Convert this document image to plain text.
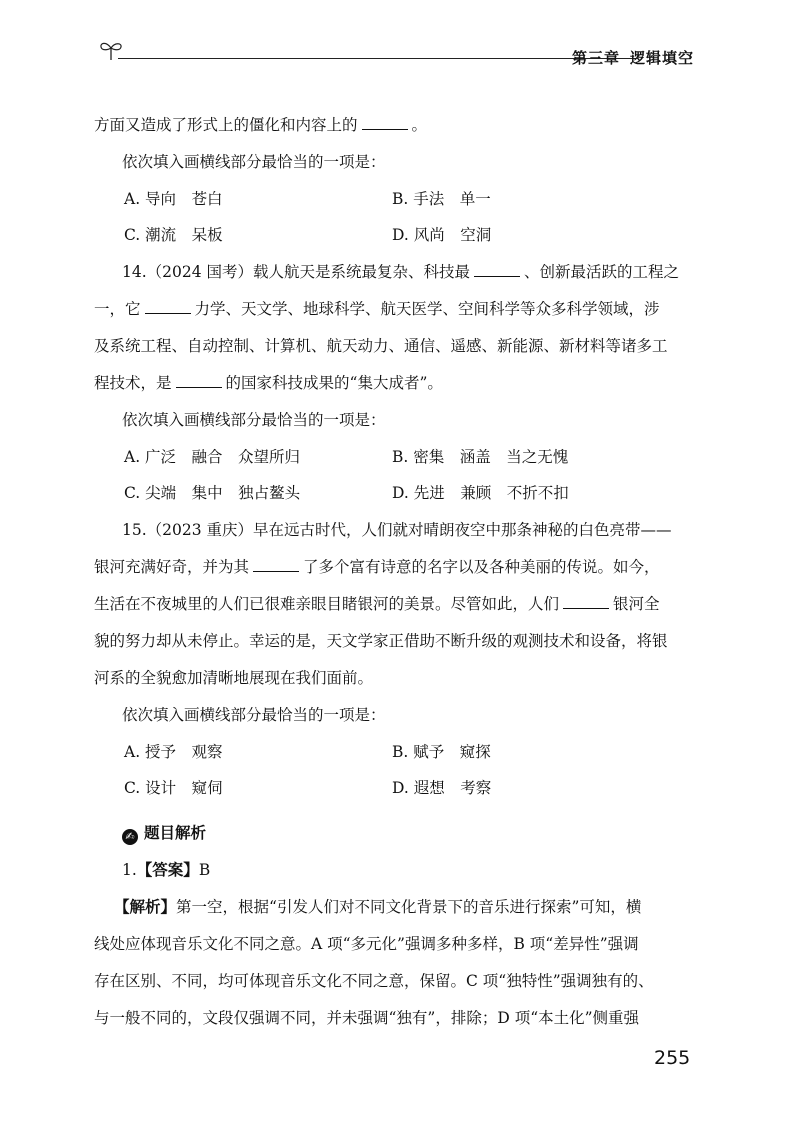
第三章 逻辑填空
方面又造成了形式上的僵化和内容上的	。
依次填入画横线部分最恰当的一项是：
A. 导向　苍白	B. 手法　单一
C. 潮流　呆板	D. 风尚　空洞
14.（2024 国考）载人航天是系统最复杂、科技最	、创新最活跃的工程之
一，它	力学、天文学、地球科学、航天医学、空间科学等众多科学领域，涉
及系统工程、自动控制、计算机、航天动力、通信、遥感、新能源、新材料等诸多工
程技术，是	的国家科技成果的“集大成者”。
依次填入画横线部分最恰当的一项是：
A. 广泛　融合　众望所归	B. 密集　涵盖　当之无愧
C. 尖端　集中　独占鳌头	D. 先进　兼顾　不折不扣
15.（2023 重庆）早在远古时代，人们就对晴朗夜空中那条神秘的白色亮带——
银河充满好奇，并为其	了多个富有诗意的名字以及各种美丽的传说。如今，
生活在不夜城里的人们已很难亲眼目睹银河的美景。尽管如此，人们	银河全
貌的努力却从未停止。幸运的是，天文学家正借助不断升级的观测技术和设备，将银
河系的全貌愈加清晰地展现在我们面前。
依次填入画横线部分最恰当的一项是：
A. 授予　观察	B. 赋予　窥探
C. 设计　窥伺	D. 遐想　考察
✍ 题目解析
1.【答案】B
【解析】第一空，根据“引发人们对不同文化背景下的音乐进行探索”可知，横
线处应体现音乐文化不同之意。A 项“多元化”强调多种多样，B 项“差异性”强调
存在区别、不同，均可体现音乐文化不同之意，保留。C 项“独特性”强调独有的、
与一般不同的，文段仅强调不同，并未强调“独有”，排除；D 项“本土化”侧重强
255
